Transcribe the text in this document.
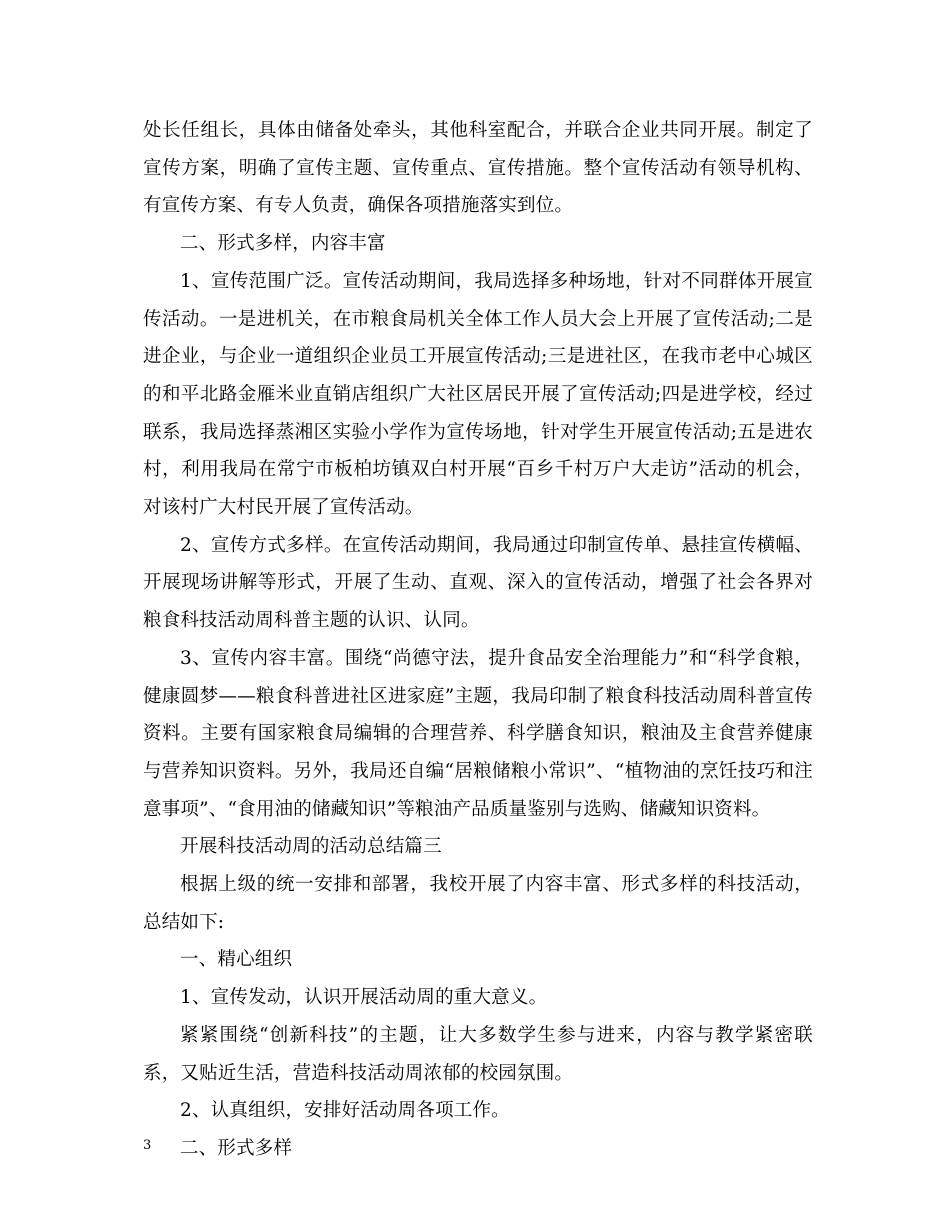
处长任组长，具体由储备处牵头，其他科室配合，并联合企业共同开展。制定了宣传方案，明确了宣传主题、宣传重点、宣传措施。整个宣传活动有领导机构、有宣传方案、有专人负责，确保各项措施落实到位。

二、形式多样，内容丰富

1、宣传范围广泛。宣传活动期间，我局选择多种场地，针对不同群体开展宣传活动。一是进机关，在市粮食局机关全体工作人员大会上开展了宣传活动;二是进企业，与企业一道组织企业员工开展宣传活动;三是进社区，在我市老中心城区的和平北路金雁米业直销店组织广大社区居民开展了宣传活动;四是进学校，经过联系，我局选择蒸湘区实验小学作为宣传场地，针对学生开展宣传活动;五是进农村，利用我局在常宁市板柏坊镇双白村开展“百乡千村万户大走访”活动的机会，对该村广大村民开展了宣传活动。

2、宣传方式多样。在宣传活动期间，我局通过印制宣传单、悬挂宣传横幅、开展现场讲解等形式，开展了生动、直观、深入的宣传活动，增强了社会各界对粮食科技活动周科普主题的认识、认同。

3、宣传内容丰富。围绕“尚德守法，提升食品安全治理能力”和“科学食粮，健康圆梦——粮食科普进社区进家庭”主题，我局印制了粮食科技活动周科普宣传资料。主要有国家粮食局编辑的合理营养、科学膳食知识，粮油及主食营养健康与营养知识资料。另外，我局还自编“居粮储粮小常识”、“植物油的烹饪技巧和注意事项”、“食用油的储藏知识”等粮油产品质量鉴别与选购、储藏知识资料。

开展科技活动周的活动总结篇三

根据上级的统一安排和部署，我校开展了内容丰富、形式多样的科技活动，总结如下:

一、精心组织

1、宣传发动，认识开展活动周的重大意义。

紧紧围绕“创新科技”的主题，让大多数学生参与进来，内容与教学紧密联系，又贴近生活，营造科技活动周浓郁的校园氛围。

2、认真组织，安排好活动周各项工作。

二、形式多样

3
